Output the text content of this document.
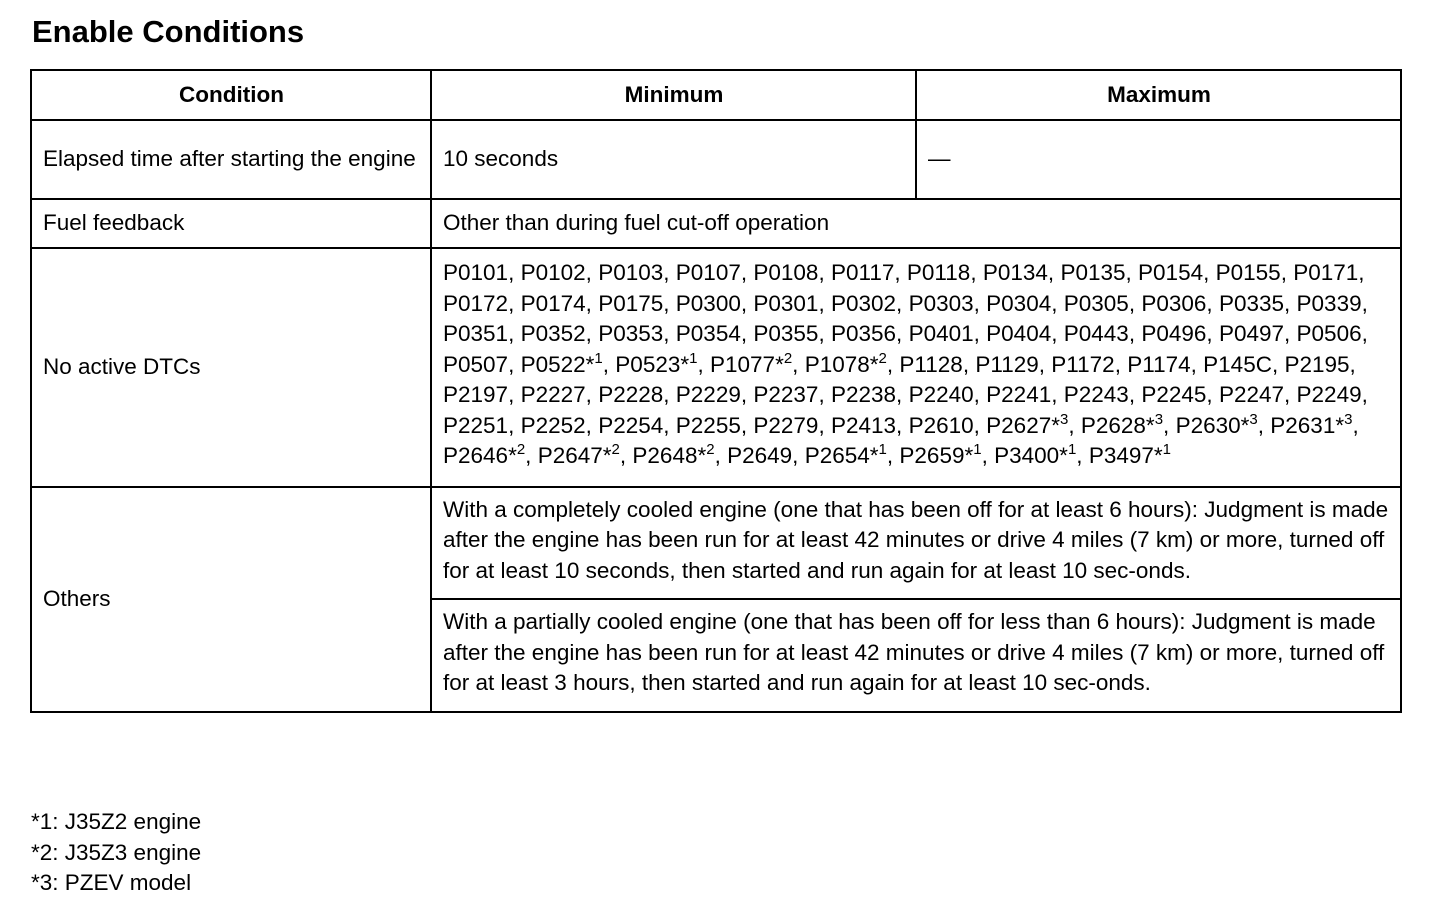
Enable Conditions
Condition	Minimum	Maximum
Elapsed time after starting the engine	10 seconds	—
Fuel feedback	Other than during fuel cut-off operation	
No active DTCs	P0101, P0102, P0103, P0107, P0108, P0117, P0118, P0134, P0135, P0154, P0155, P0171, P0172, P0174, P0175, P0300, P0301, P0302, P0303, P0304, P0305, P0306, P0335, P0339, P0351, P0352, P0353, P0354, P0355, P0356, P0401, P0404, P0443, P0496, P0497, P0506, P0507, P0522*$^1$, P0523*$^1$, P1077*$^2$, P1078*$^2$, P1128, P1129, P1172, P1174, P145C, P2195, P2197, P2227, P2228, P2229, P2237, P2238, P2240, P2241, P2243, P2245, P2247, P2249, P2251, P2252, P2254, P2255, P2279, P2413, P2610, P2627*$^3$, P2628*$^3$, P2630*$^3$, P2631*$^3$, P2646*$^2$, P2647*$^2$, P2648*$^2$, P2649, P2654*$^1$, P2659*$^1$, P3400*$^1$, P3497*$^1$
Others	With a completely cooled engine (one that has been off for at least 6 hours): Judgment is made after the engine has been run for at least 42 minutes or drive 4 miles (7 km) or more, turned off for at least 10 seconds, then started and run again for at least 10 sec-onds.	
	With a partially cooled engine (one that has been off for less than 6 hours): Judgment is made after the engine has been run for at least 42 minutes or drive 4 miles (7 km) or more, turned off for at least 3 hours, then started and run again for at least 10 sec-onds.	
*1: J35Z2 engine
*2: J35Z3 engine
*3: PZEV model
